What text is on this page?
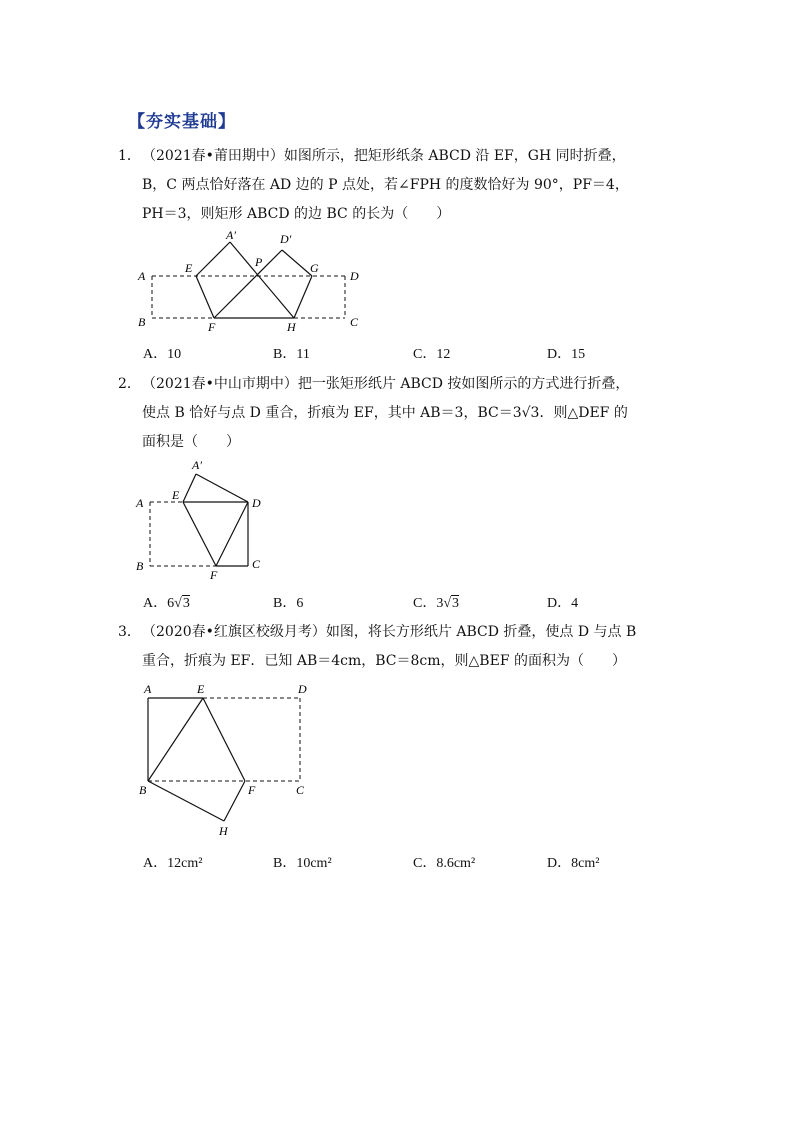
【夯实基础】
1．（2021春•莆田期中）如图所示，把矩形纸条 ABCD 沿 EF，GH 同时折叠，
B，C 两点恰好落在 AD 边的 P 点处，若∠FPH 的度数恰好为 90°，PF＝4，
PH＝3，则矩形 ABCD 的边 BC 的长为（　　）
A
B	C
D
E
F
G
H
P
A′	D′
A．10	B．11	C．12	D．15
2．（2021春•中山市期中）把一张矩形纸片 ABCD 按如图所示的方式进行折叠，
使点 B 恰好与点 D 重合，折痕为 EF，其中 AB＝3，BC＝3√3．则△DEF 的
面积是（　　）
A
B	C
D
E
F
A′
A．6√3	B．6	C．3√3	D．4
3．（2020春•红旗区校级月考）如图，将长方形纸片 ABCD 折叠，使点 D 与点 B
重合，折痕为 EF．已知 AB＝4cm，BC＝8cm，则△BEF 的面积为（　　）
A
B	C
D
E
F
H
A．12cm²	B．10cm²	C．8.6cm²	D．8cm²
